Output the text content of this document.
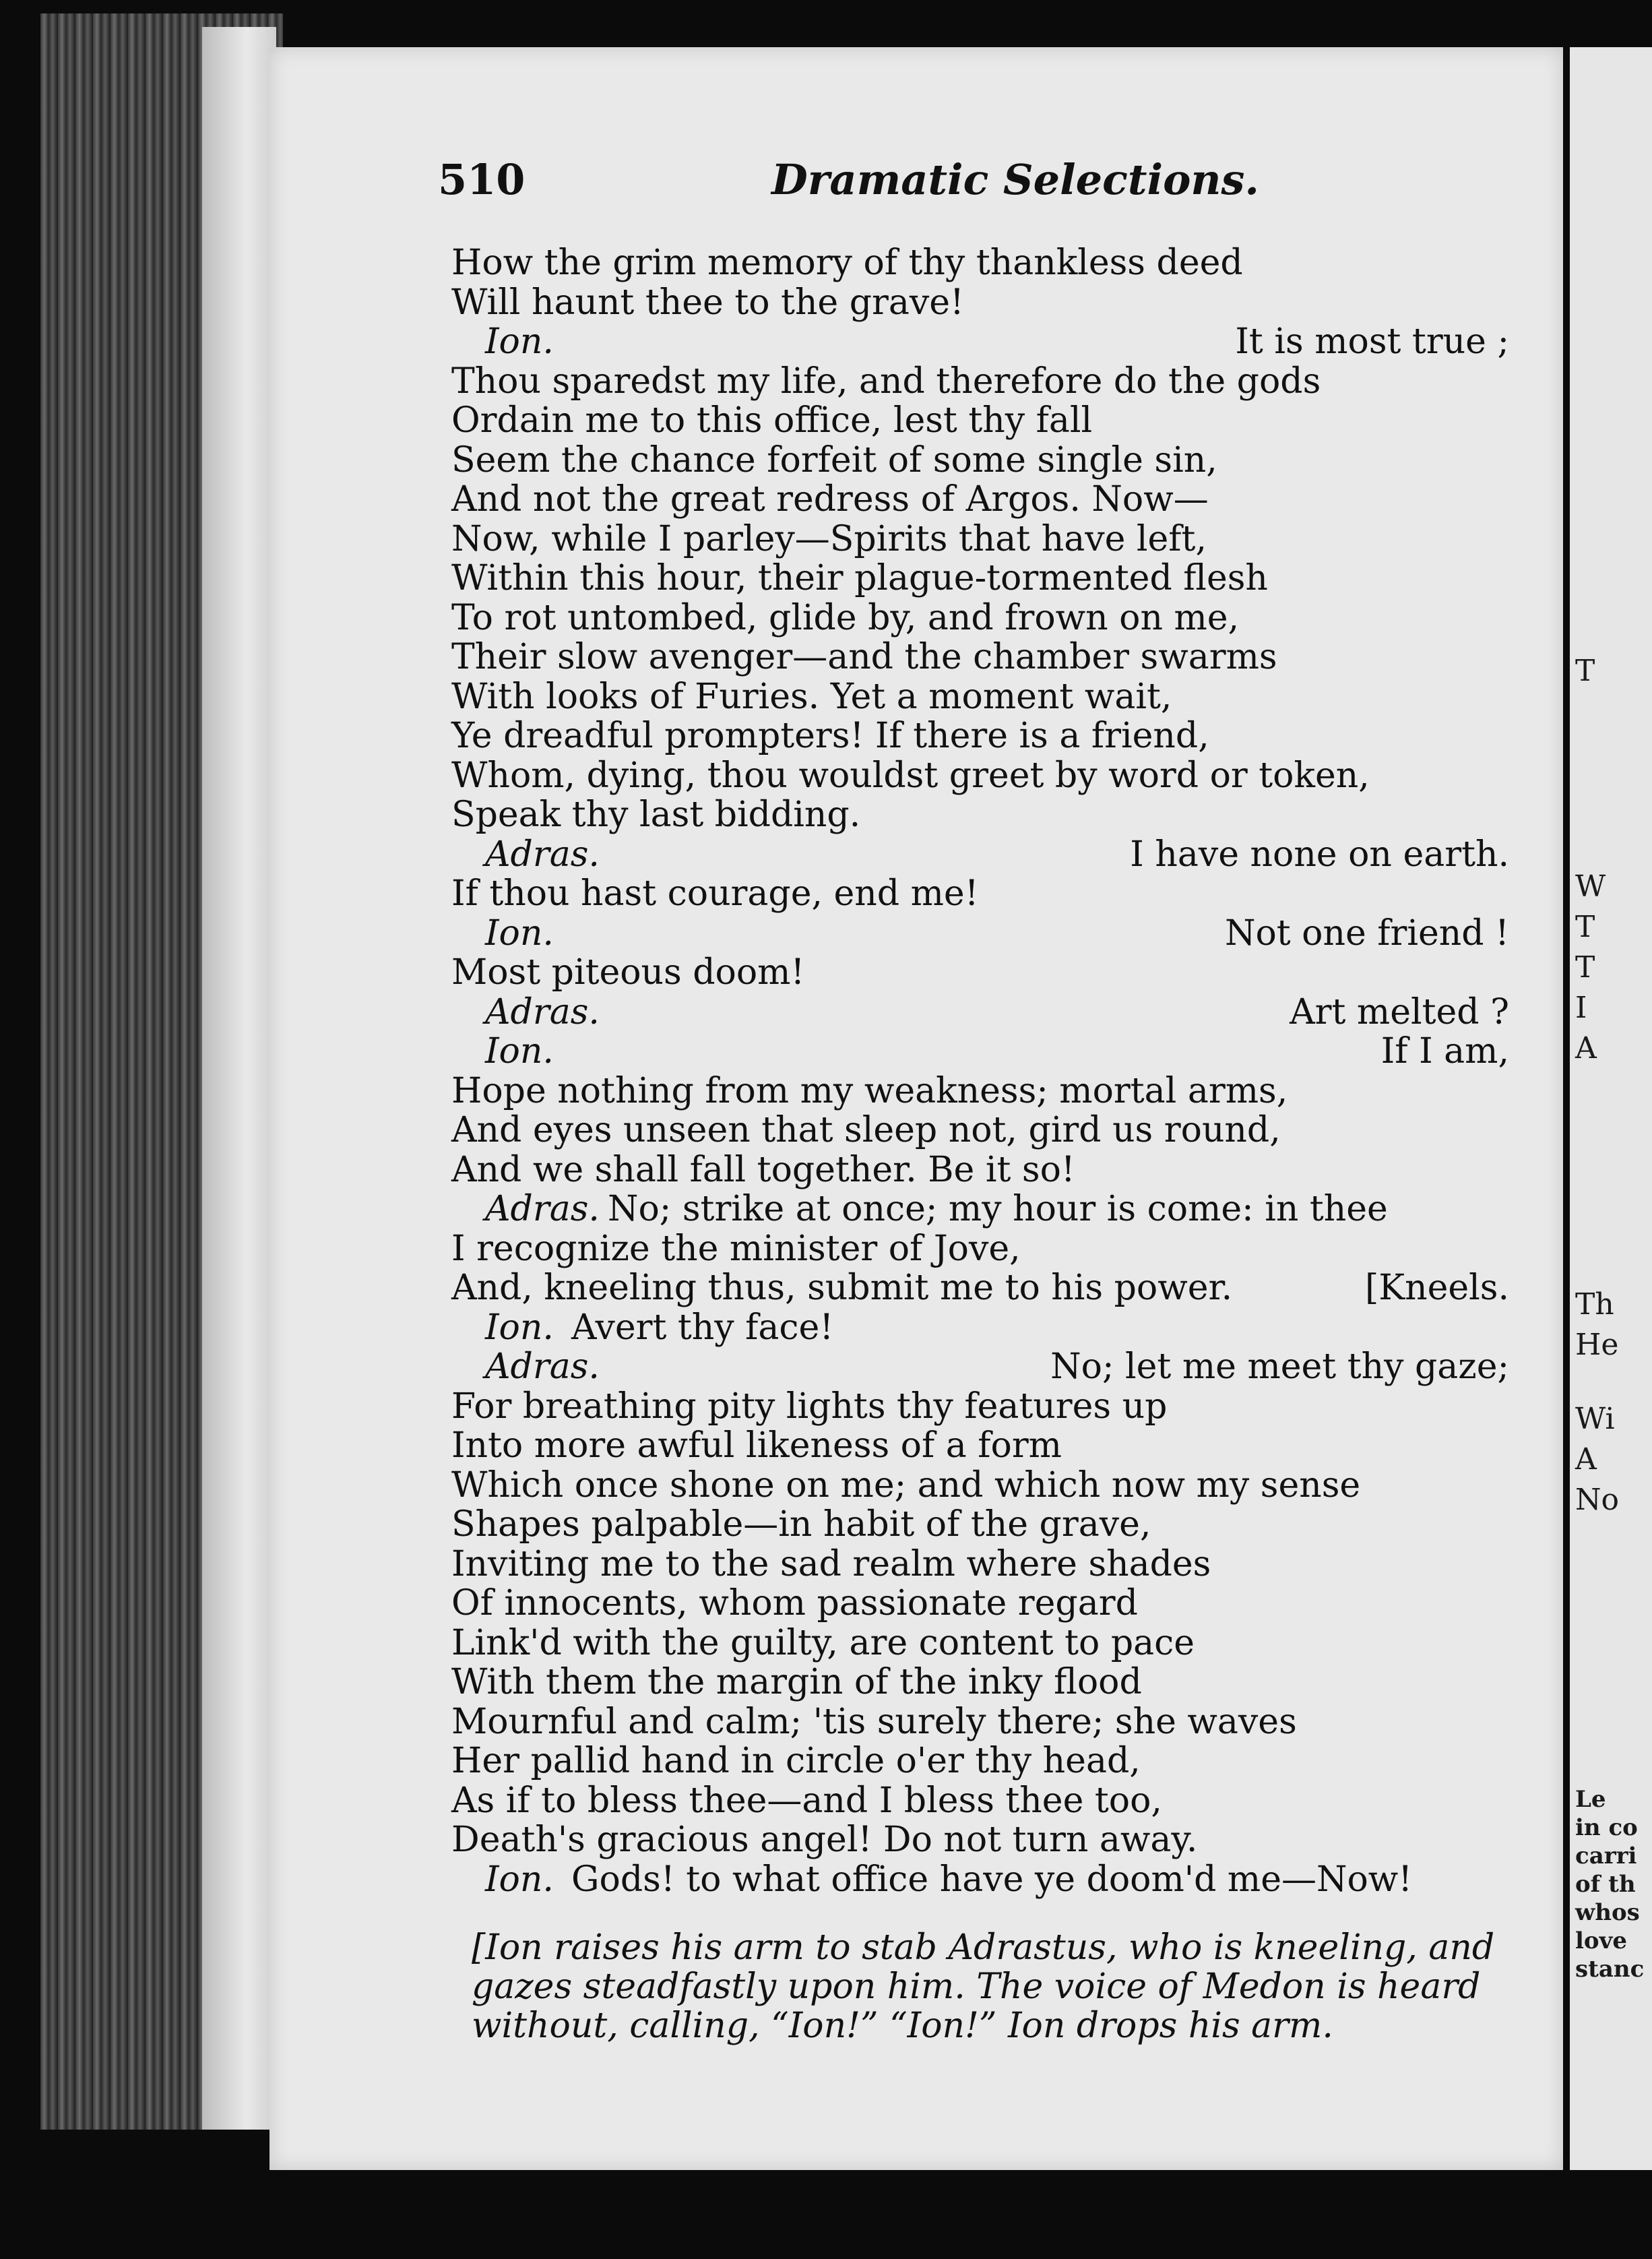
510	Dramatic Selections.
How the grim memory of thy thankless deed
Will haunt thee to the grave!
Ion.	It is most true ;
Thou sparedst my life, and therefore do the gods
Ordain me to this office, lest thy fall
Seem the chance forfeit of some single sin,
And not the great redress of Argos. Now—
Now, while I parley—Spirits that have left,
Within this hour, their plague-tormented flesh
To rot untombed, glide by, and frown on me,
Their slow avenger—and the chamber swarms
With looks of Furies. Yet a moment wait,
Ye dreadful prompters! If there is a friend,
Whom, dying, thou wouldst greet by word or token,
Speak thy last bidding.
Adras.	I have none on earth.
If thou hast courage, end me!
Ion.	Not one friend !
Most piteous doom!
Adras.	Art melted ?
Ion.	If I am,
Hope nothing from my weakness; mortal arms,
And eyes unseen that sleep not, gird us round,
And we shall fall together. Be it so!
Adras. No; strike at once; my hour is come: in thee
I recognize the minister of Jove,
And, kneeling thus, submit me to his power.	[Kneels.
Ion. Avert thy face!
Adras.	No; let me meet thy gaze;
For breathing pity lights thy features up
Into more awful likeness of a form
Which once shone on me; and which now my sense
Shapes palpable—in habit of the grave,
Inviting me to the sad realm where shades
Of innocents, whom passionate regard
Link'd with the guilty, are content to pace
With them the margin of the inky flood
Mournful and calm; 'tis surely there; she waves
Her pallid hand in circle o'er thy head,
As if to bless thee—and I bless thee too,
Death's gracious angel! Do not turn away.
Ion. Gods! to what office have ye doom'd me—Now!
[Ion raises his arm to stab Adrastus, who is kneeling, and
gazes steadfastly upon him. The voice of Medon is heard
without, calling, “Ion!” “Ion!” Ion drops his arm.
T
W
T
T
I
A
Th
He
Wi
A
No
Le
in co
carri
of th
whos
love
stanc
